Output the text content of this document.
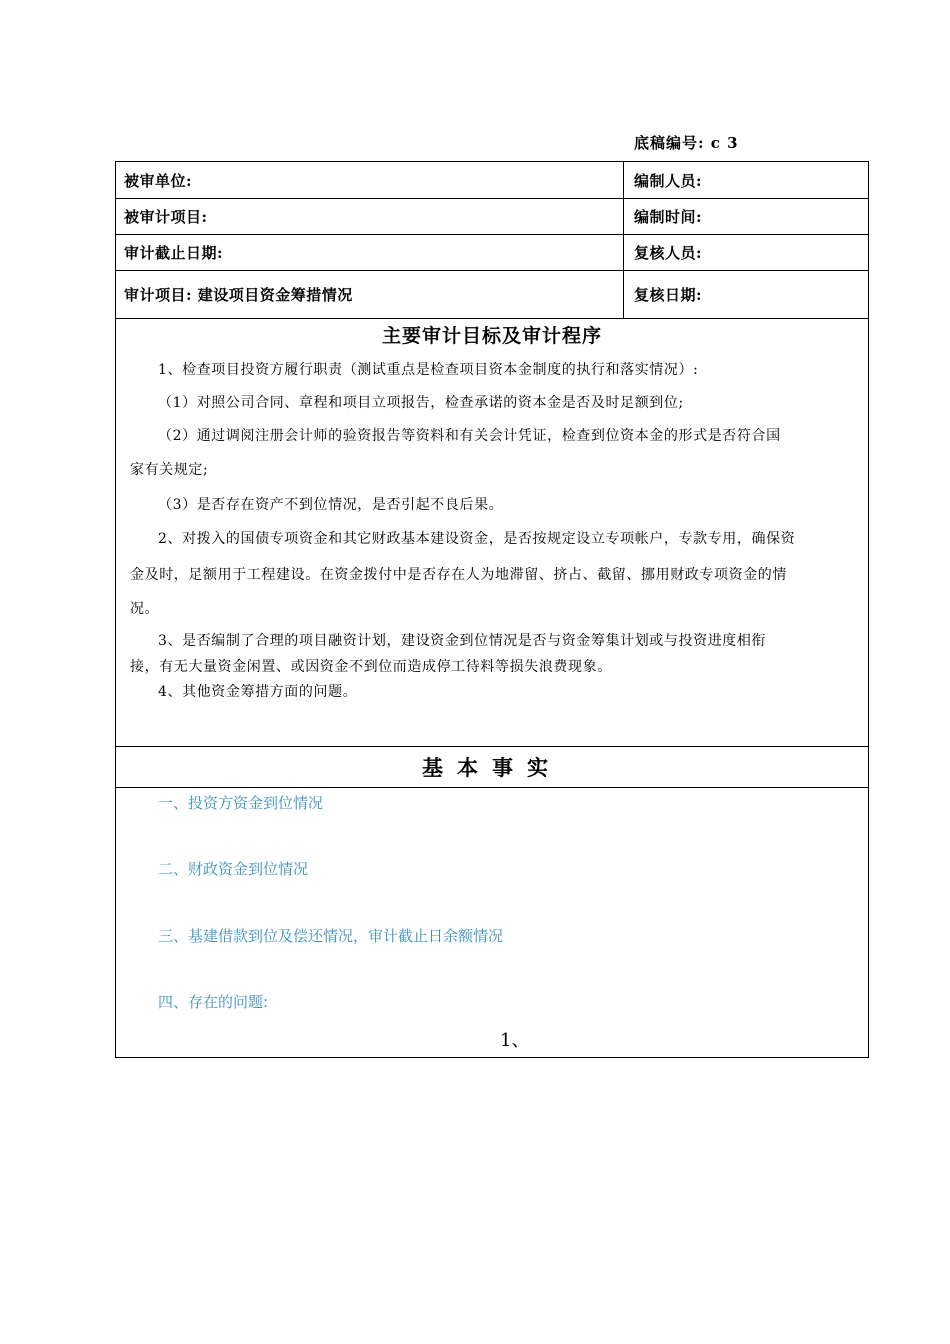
底稿编号: c 3
被审单位:	编制人员:
被审计项目:	编制时间:
审计截止日期:	复核人员:
审计项目: 建设项目资金筹措情况	复核日期:
主要审计目标及审计程序
1、检查项目投资方履行职责（测试重点是检查项目资本金制度的执行和落实情况）:
（1）对照公司合同、章程和项目立项报告，检查承诺的资本金是否及时足额到位;
（2）通过调阅注册会计师的验资报告等资料和有关会计凭证，检查到位资本金的形式是否符合国
家有关规定;
（3）是否存在资产不到位情况，是否引起不良后果。
2、对拨入的国债专项资金和其它财政基本建设资金，是否按规定设立专项帐户，专款专用，确保资
金及时，足额用于工程建设。在资金拨付中是否存在人为地滞留、挤占、截留、挪用财政专项资金的情
况。
3、是否编制了合理的项目融资计划，建设资金到位情况是否与资金筹集计划或与投资进度相衔
接，有无大量资金闲置、或因资金不到位而造成停工待料等损失浪费现象。
4、其他资金筹措方面的问题。
基本事实
一、投资方资金到位情况
二、财政资金到位情况
三、基建借款到位及偿还情况，审计截止日余额情况
四、存在的问题:
1、
